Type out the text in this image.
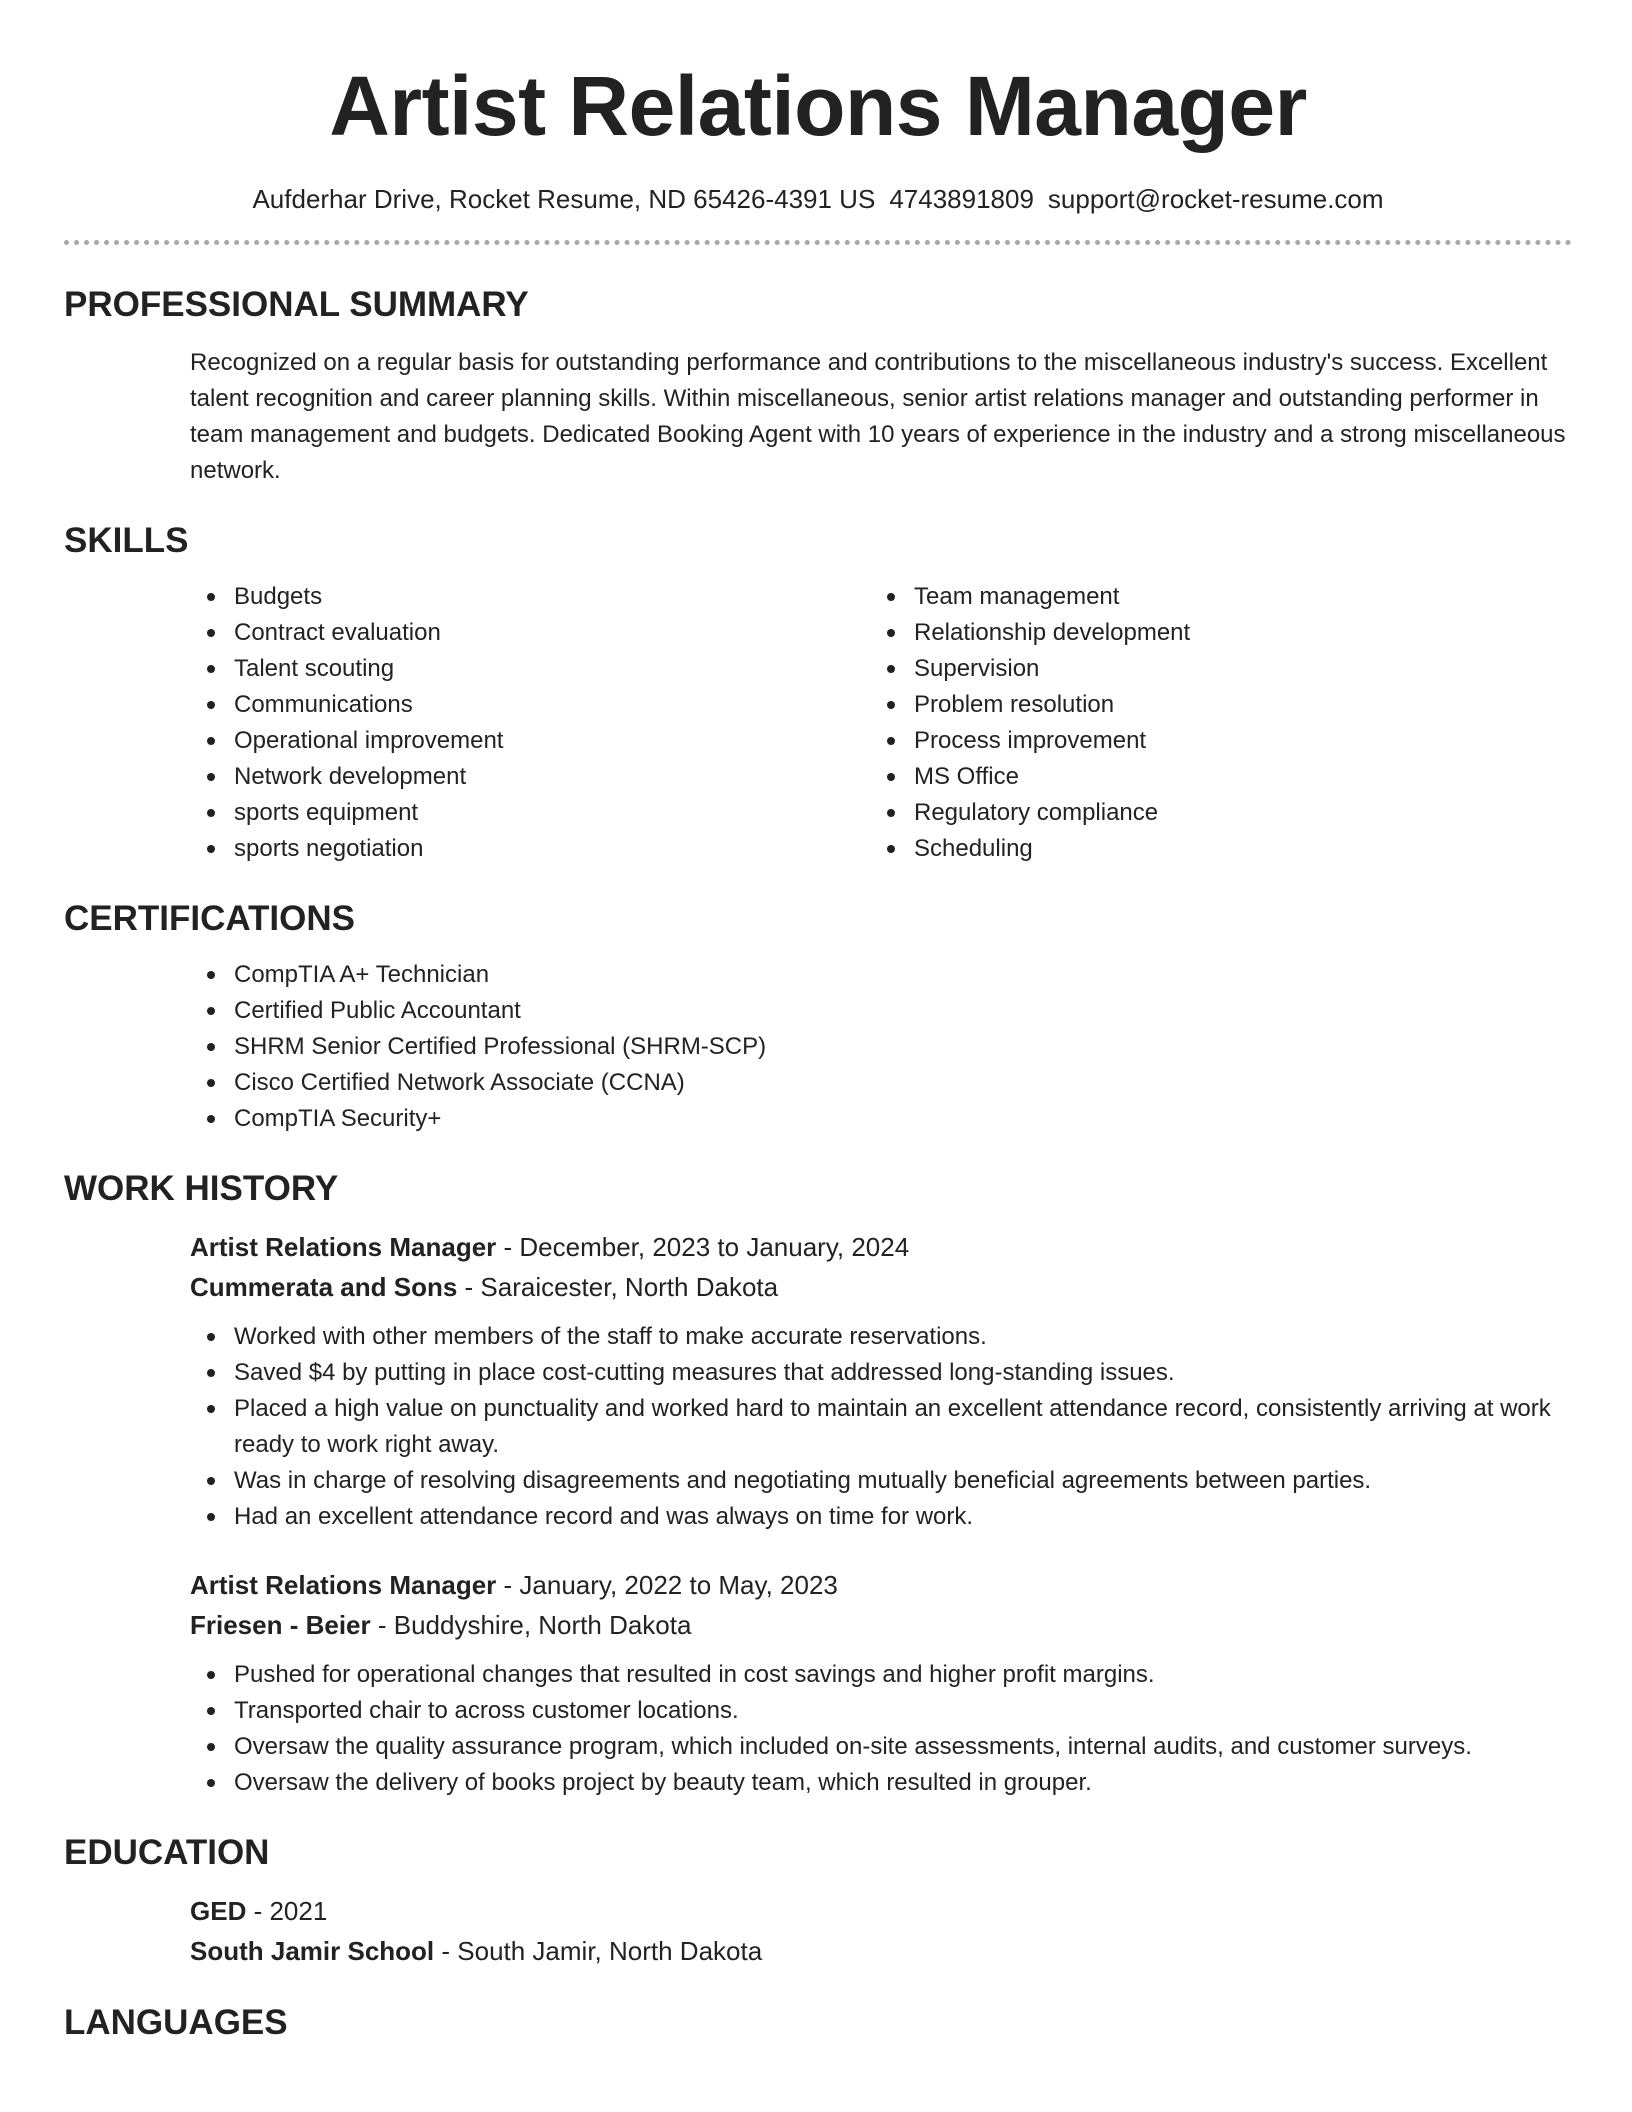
Artist Relations Manager
Aufderhar Drive, Rocket Resume, ND 65426-4391 US 4743891809 support@rocket-resume.com
PROFESSIONAL SUMMARY
Recognized on a regular basis for outstanding performance and contributions to the miscellaneous industry's success. Excellent talent recognition and career planning skills. Within miscellaneous, senior artist relations manager and outstanding performer in team management and budgets. Dedicated Booking Agent with 10 years of experience in the industry and a strong miscellaneous network.
SKILLS
Budgets
Contract evaluation
Talent scouting
Communications
Operational improvement
Network development
sports equipment
sports negotiation
Team management
Relationship development
Supervision
Problem resolution
Process improvement
MS Office
Regulatory compliance
Scheduling
CERTIFICATIONS
CompTIA A+ Technician
Certified Public Accountant
SHRM Senior Certified Professional (SHRM-SCP)
Cisco Certified Network Associate (CCNA)
CompTIA Security+
WORK HISTORY
Artist Relations Manager - December, 2023 to January, 2024
Cummerata and Sons - Saraicester, North Dakota
Worked with other members of the staff to make accurate reservations.
Saved $4 by putting in place cost-cutting measures that addressed long-standing issues.
Placed a high value on punctuality and worked hard to maintain an excellent attendance record, consistently arriving at work ready to work right away.
Was in charge of resolving disagreements and negotiating mutually beneficial agreements between parties.
Had an excellent attendance record and was always on time for work.
Artist Relations Manager - January, 2022 to May, 2023
Friesen - Beier - Buddyshire, North Dakota
Pushed for operational changes that resulted in cost savings and higher profit margins.
Transported chair to across customer locations.
Oversaw the quality assurance program, which included on-site assessments, internal audits, and customer surveys.
Oversaw the delivery of books project by beauty team, which resulted in grouper.
EDUCATION
GED - 2021
South Jamir School - South Jamir, North Dakota
LANGUAGES
